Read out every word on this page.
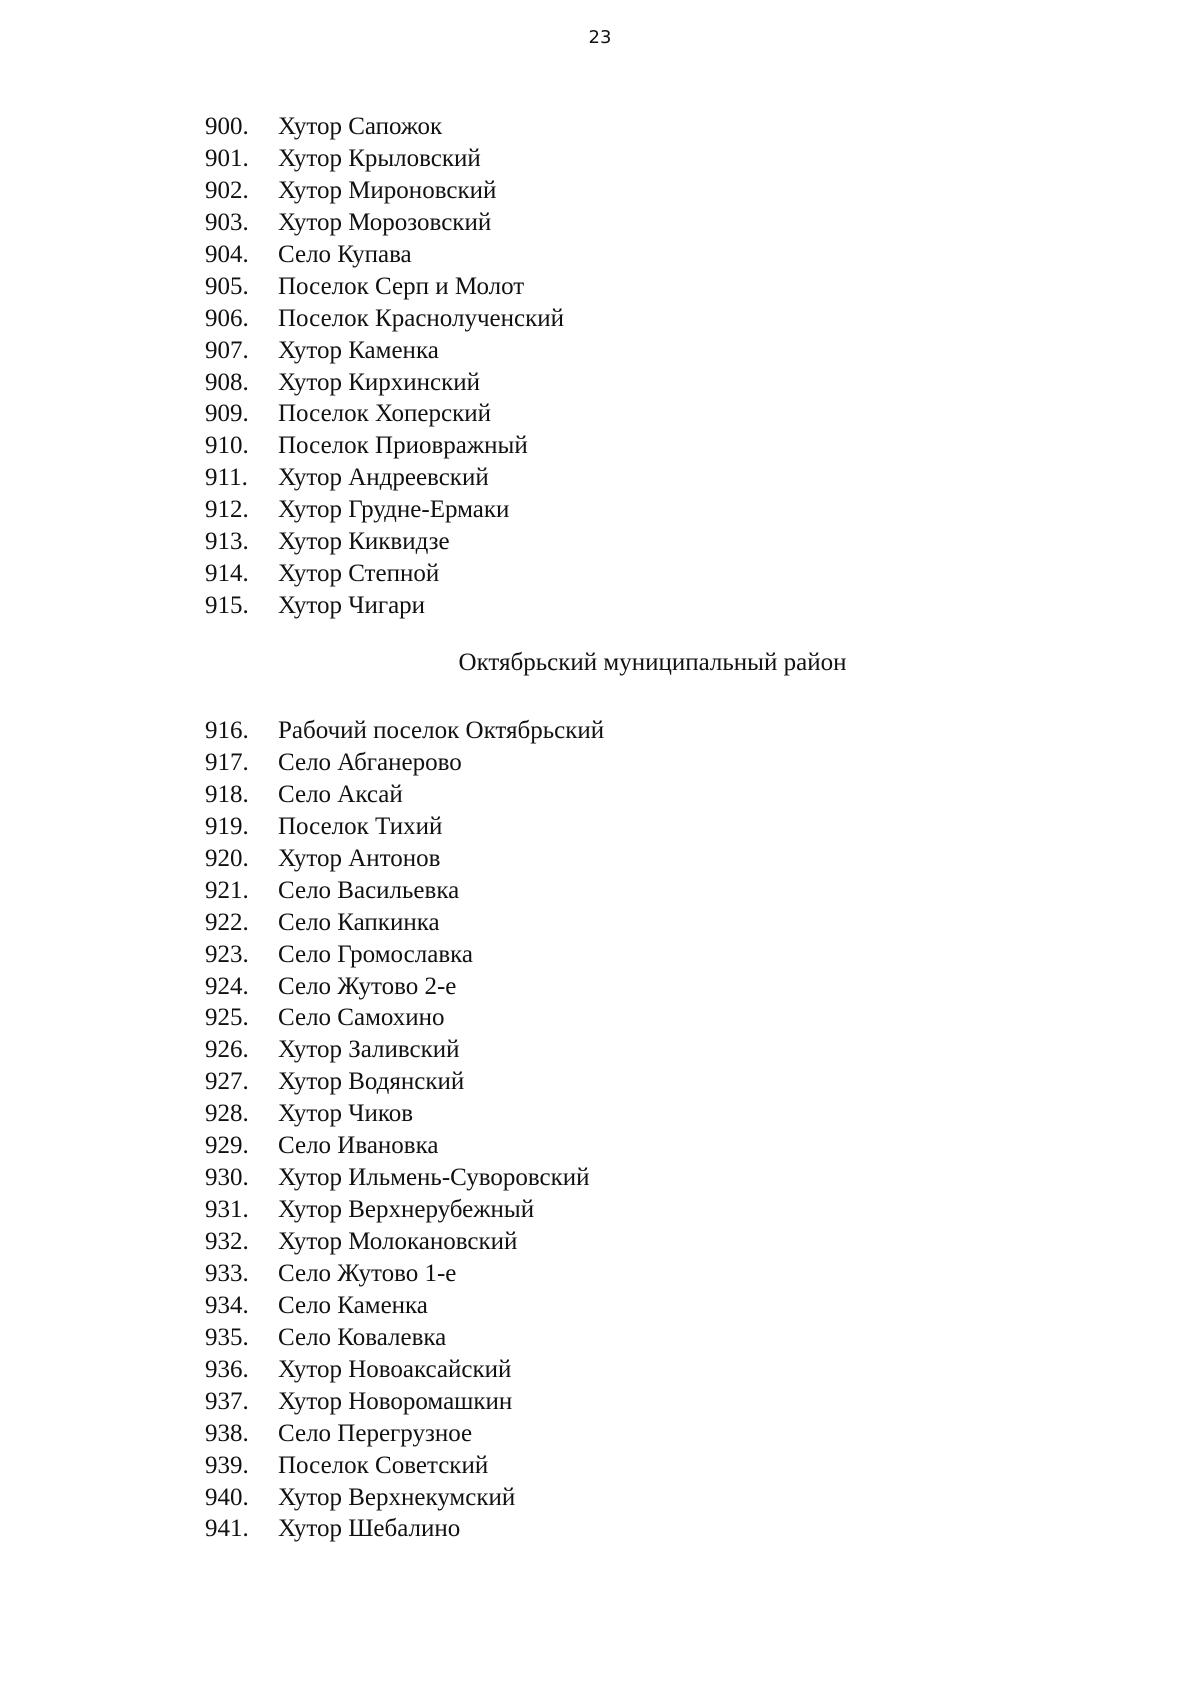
23
900.	Хутор Сапожок
901.	Хутор Крыловский
902.	Хутор Мироновский
903.	Хутор Морозовский
904.	Село Купава
905.	Поселок Серп и Молот
906.	Поселок Краснолученский
907.	Хутор Каменка
908.	Хутор Кирхинский
909.	Поселок Хоперский
910.	Поселок Приовражный
911.	Хутор Андреевский
912.	Хутор Грудне-Ермаки
913.	Хутор Киквидзе
914.	Хутор Степной
915.	Хутор Чигари
Октябрьский муниципальный район
916.	Рабочий поселок Октябрьский
917.	Село Абганерово
918.	Село Аксай
919.	Поселок Тихий
920.	Хутор Антонов
921.	Село Васильевка
922.	Село Капкинка
923.	Село Громославка
924.	Село Жутово 2-е
925.	Село Самохино
926.	Хутор Заливский
927.	Хутор Водянский
928.	Хутор Чиков
929.	Село Ивановка
930.	Хутор Ильмень-Суворовский
931.	Хутор Верхнерубежный
932.	Хутор Молокановский
933.	Село Жутово 1-е
934.	Село Каменка
935.	Село Ковалевка
936.	Хутор Новоаксайский
937.	Хутор Новоромашкин
938.	Село Перегрузное
939.	Поселок Советский
940.	Хутор Верхнекумский
941.	Хутор Шебалино
